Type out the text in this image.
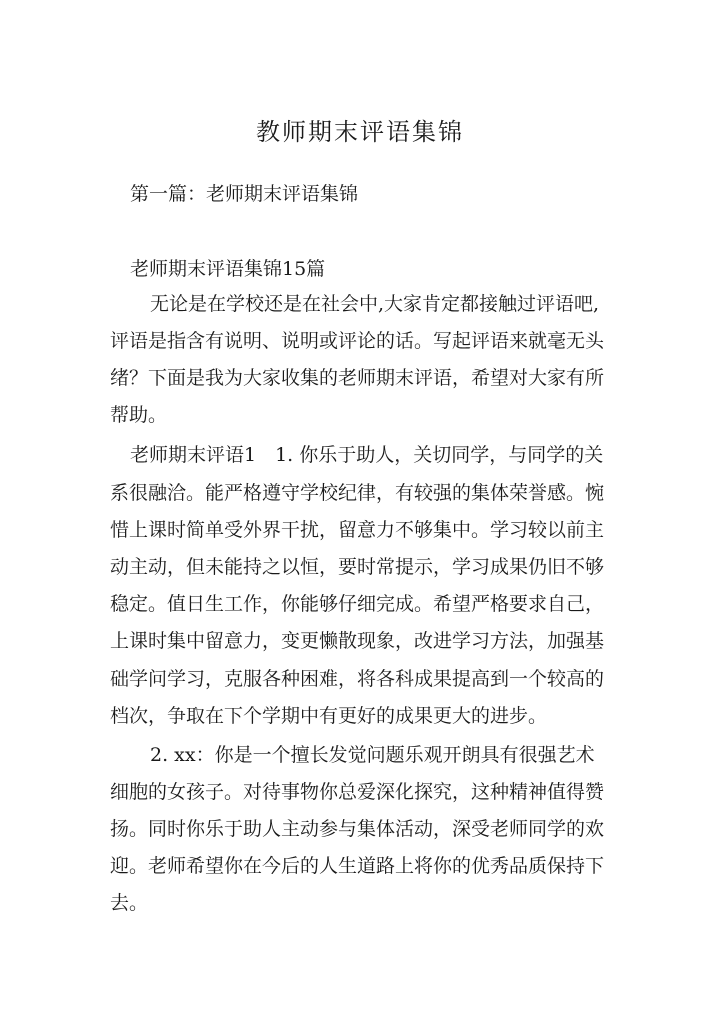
教师期末评语集锦
第一篇：老师期末评语集锦
老师期末评语集锦15篇
无论是在学校还是在社会中,大家肯定都接触过评语吧,
评语是指含有说明、说明或评论的话。写起评语来就毫无头
绪？下面是我为大家收集的老师期末评语，希望对大家有所
帮助。
老师期末评语1　1. 你乐于助人，关切同学，与同学的关
系很融洽。能严格遵守学校纪律，有较强的集体荣誉感。惋
惜上课时简单受外界干扰，留意力不够集中。学习较以前主
动主动，但未能持之以恒，要时常提示，学习成果仍旧不够
稳定。值日生工作，你能够仔细完成。希望严格要求自己，
上课时集中留意力，变更懒散现象，改进学习方法，加强基
础学问学习，克服各种困难，将各科成果提高到一个较高的
档次，争取在下个学期中有更好的成果更大的进步。
2. xx：你是一个擅长发觉问题乐观开朗具有很强艺术
细胞的女孩子。对待事物你总爱深化探究，这种精神值得赞
扬。同时你乐于助人主动参与集体活动，深受老师同学的欢
迎。老师希望你在今后的人生道路上将你的优秀品质保持下
去。
